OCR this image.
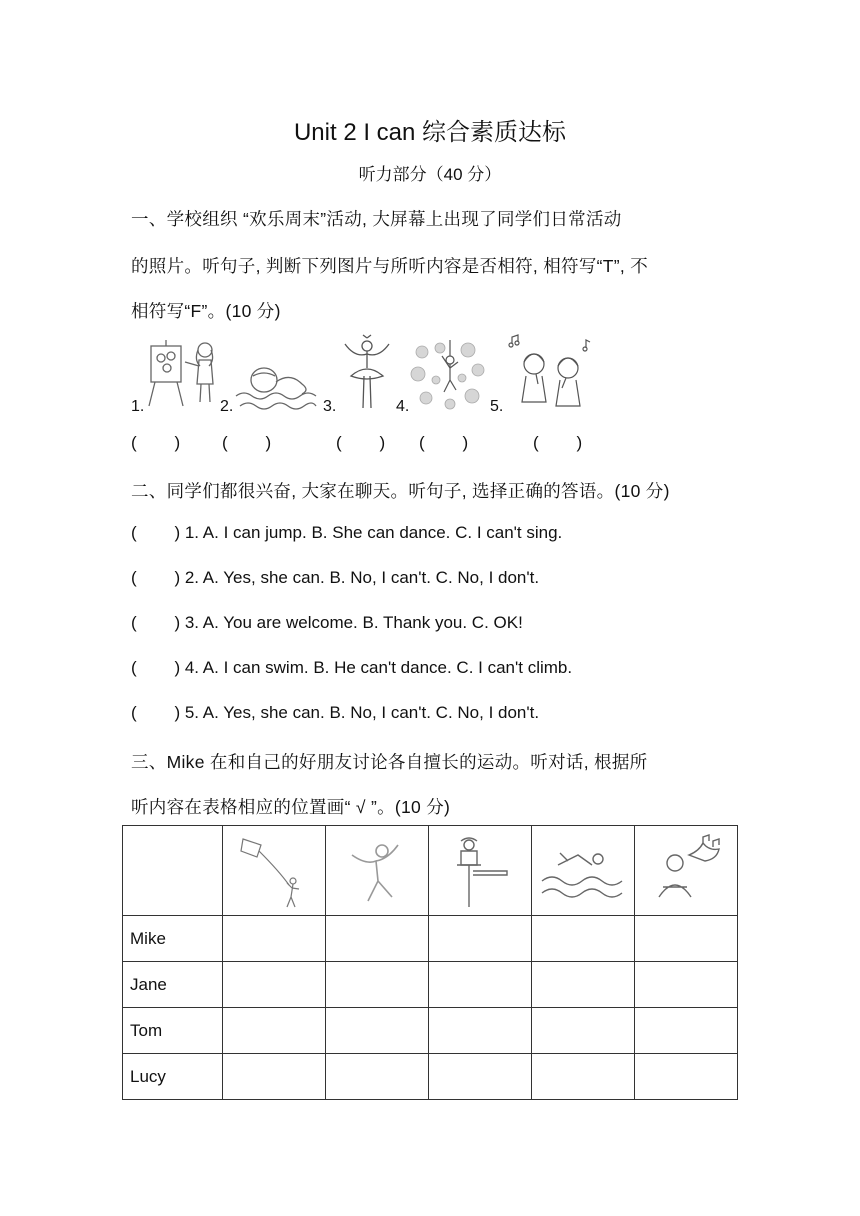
Unit 2 I can 综合素质达标
听力部分（40 分）
一、学校组织 “欢乐周末”活动, 大屏幕上出现了同学们日常活动
的照片。听句子, 判断下列图片与所听内容是否相符, 相符写“T”, 不
相符写“F”。(10 分)
1.	2.	3.	4.	5.
(        ) (        )	(        ) (        )	(        )
二、同学们都很兴奋, 大家在聊天。听句子, 选择正确的答语。(10 分)
(        ) 1. A. I can jump. B. She can dance. C. I can't sing.
(        ) 2. A. Yes, she can. B. No, I can't. C. No, I don't.
(        ) 3. A. You are welcome. B. Thank you. C. OK!
(        ) 4. A. I can swim. B. He can't dance. C. I can't climb.
(        ) 5. A. Yes, she can. B. No, I can't. C. No, I don't.
三、Mike 在和自己的好朋友讨论各自擅长的运动。听对话, 根据所
听内容在表格相应的位置画“ √ ”。(10 分)

Mike					
Jane					
Tom					
Lucy					
